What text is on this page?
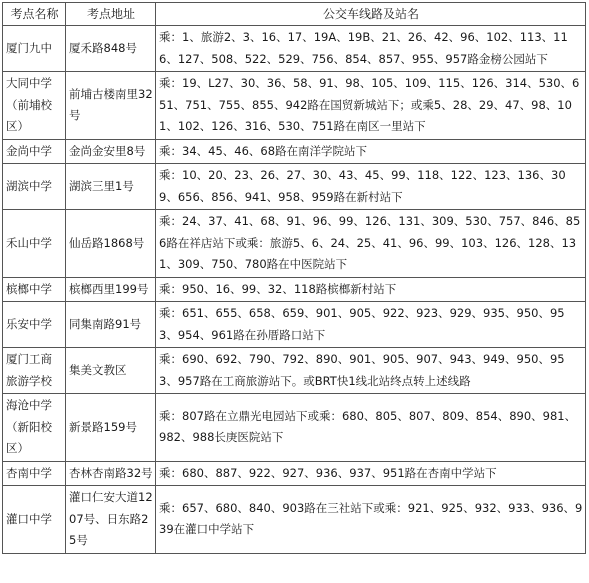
考点名称	考点地址	公交车线路及站名
厦门九中	厦禾路848号	乘：1、旅游2、3、16、17、19A、19B、21、26、42、96、102、113、116、127、508、522、529、756、854、857、955、957路金榜公园站下
大同中学（前埔校区）	前埔古楼南里32号	乘：19、L27、30、36、58、91、98、105、109、115、126、314、530、651、751、755、855、942路在国贸新城站下；或乘5、28、29、47、98、101、102、126、316、530、751路在南区一里站下
金尚中学	金尚金安里8号	乘：34、45、46、68路在南洋学院站下
湖滨中学	湖滨三里1号	乘：10、20、23、26、27、30、43、45、99、118、122、123、136、309、656、856、941、958、959路在新村站下
禾山中学	仙岳路1868号	乘：24、37、41、68、91、96、99、126、131、309、530、757、846、856路在祥店站下或乘：旅游5、6、24、25、41、96、99、103、126、128、131、309、750、780路在中医院站下
槟榔中学	槟榔西里199号	乘：950、16、99、32、118路槟榔新村站下
乐安中学	同集南路91号	乘：651、655、658、659、901、905、922、923、929、935、950、953、954、961路在孙厝路口站下
厦门工商旅游学校	集美文教区	乘：690、692、790、792、890、901、905、907、943、949、950、953、957路在工商旅游站下。或BRT快1线北站终点转上述线路
海沧中学（新阳校区）	新景路159号	乘：807路在立鼎光电园站下或乘：680、805、807、809、854、890、981、982、988长庚医院站下
杏南中学	杏林杏南路32号	乘：680、887、922、927、936、937、951路在杏南中学站下
灌口中学	灌口仁安大道1207号、日东路25号	乘：657、680、840、903路在三社站下或乘：921、925、932、933、936、939在灌口中学站下
